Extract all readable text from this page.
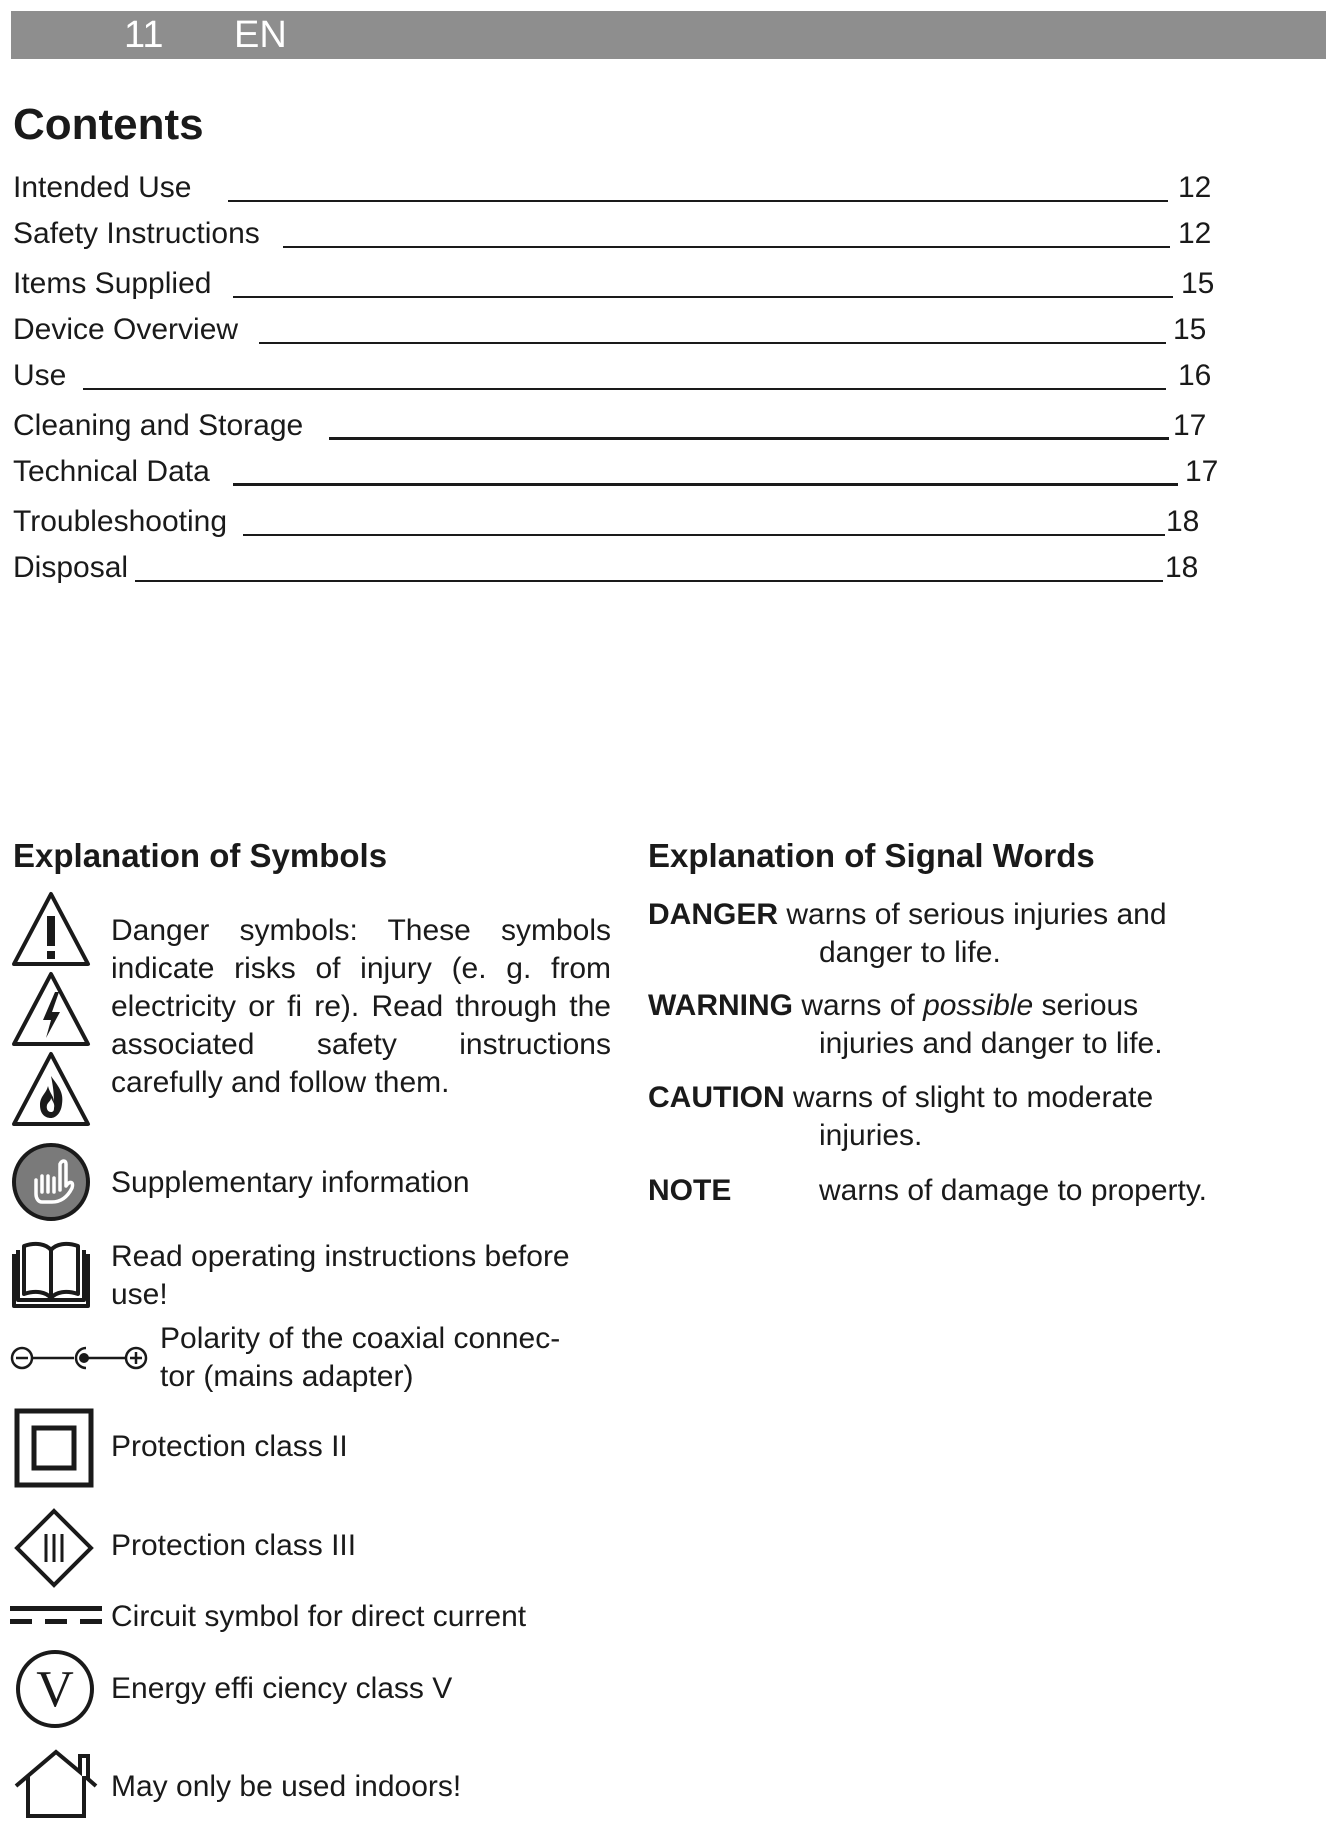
11 EN
Contents
Intended Use	12
Safety Instructions	12
Items Supplied	15
Device Overview	15
Use	16
Cleaning and Storage	17
Technical Data	17
Troubleshooting	18
Disposal	18
Explanation of Symbols

Danger symbols: These symbols indicate risks of injury (e. g. from electricity or fi re). Read through the associated safety instructions carefully and follow them.

Supplementary information

Read operating instructions before use!

Polarity of the coaxial connec- tor (mains adapter)

Protection class II

Protection class III

Circuit symbol for direct current

V Energy effi ciency class V

May only be used indoors!

Explanation of Signal Words
DANGER warns of serious injuries and
danger to life.
WARNING warns of possible serious
injuries and danger to life.
CAUTION warns of slight to moderate
injuries.
NOTE	warns of damage to property.
